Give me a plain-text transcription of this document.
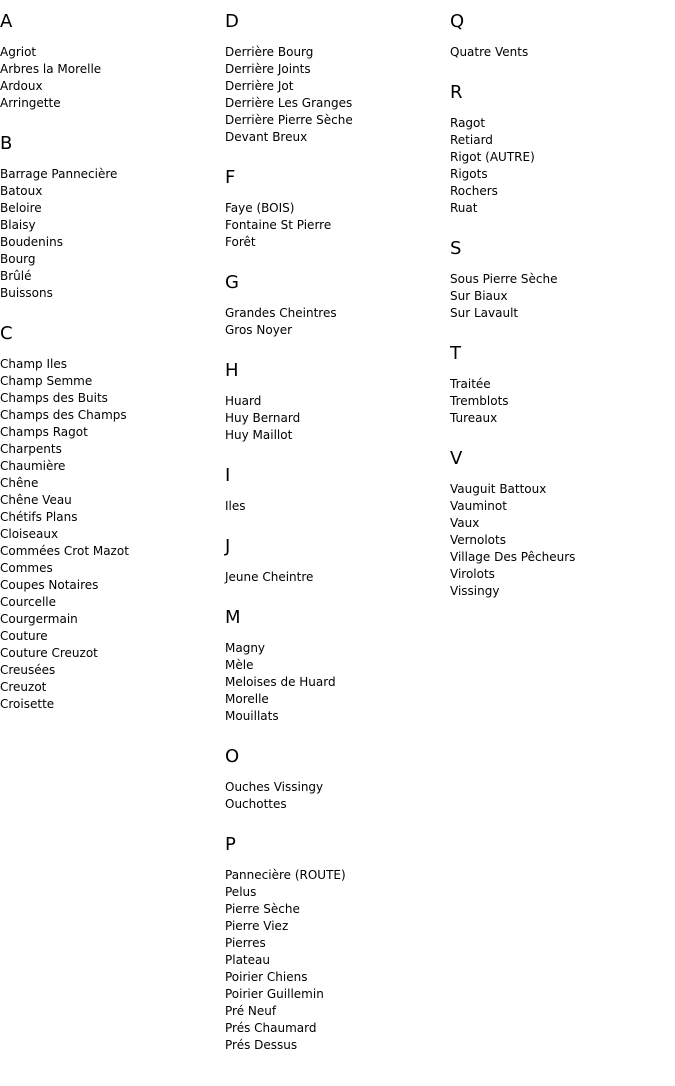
A
Agriot
Arbres la Morelle
Ardoux
Arringette
B
Barrage Pannecière
Batoux
Beloire
Blaisy
Boudenins
Bourg
Brûlé
Buissons
C
Champ Iles
Champ Semme
Champs des Buits
Champs des Champs
Champs Ragot
Charpents
Chaumière
Chêne
Chêne Veau
Chétifs Plans
Cloiseaux
Commées Crot Mazot
Commes
Coupes Notaires
Courcelle
Courgermain
Couture
Couture Creuzot
Creusées
Creuzot
Croisette
D
Derrière Bourg
Derrière Joints
Derrière Jot
Derrière Les Granges
Derrière Pierre Sèche
Devant Breux
F
Faye (BOIS)
Fontaine St Pierre
Forêt
G
Grandes Cheintres
Gros Noyer
H
Huard
Huy Bernard
Huy Maillot
I
Iles
J
Jeune Cheintre
M
Magny
Mèle
Meloises de Huard
Morelle
Mouillats
O
Ouches Vissingy
Ouchottes
P
Pannecière (ROUTE)
Pelus
Pierre Sèche
Pierre Viez
Pierres
Plateau
Poirier Chiens
Poirier Guillemin
Pré Neuf
Prés Chaumard
Prés Dessus
Q
Quatre Vents
R
Ragot
Retiard
Rigot (AUTRE)
Rigots
Rochers
Ruat
S
Sous Pierre Sèche
Sur Biaux
Sur Lavault
T
Traitée
Tremblots
Tureaux
V
Vauguit Battoux
Vauminot
Vaux
Vernolots
Village Des Pêcheurs
Virolots
Vissingy
